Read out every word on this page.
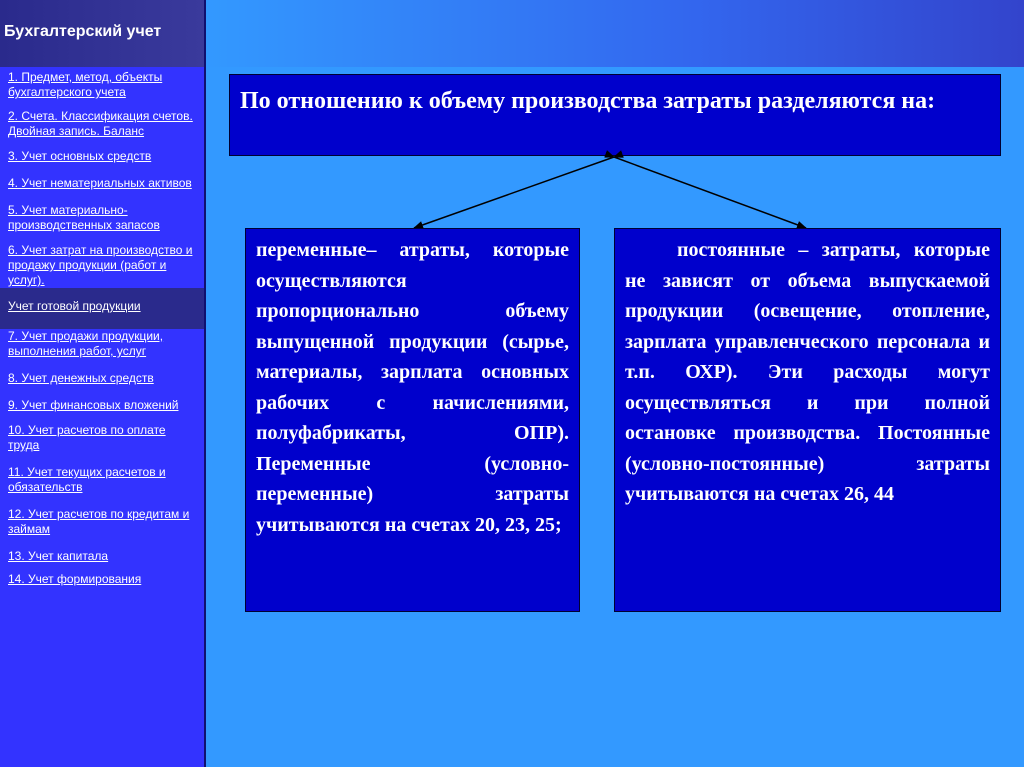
Бухгалтерский учет
1. Предмет, метод, объекты бухгалтерского учета
2. Счета. Классификация счетов. Двойная запись. Баланс
3. Учет основных средств
4. Учет нематериальных активов
5. Учет материально-производственных запасов
6. Учет затрат на производство и продажу продукции (работ и услуг).
Учет готовой продукции
7. Учет продажи продукции, выполнения работ, услуг
8. Учет денежных средств
9. Учет финансовых вложений
10. Учет расчетов по оплате труда
11. Учет текущих расчетов и обязательств
12. Учет расчетов по кредитам и займам
13. Учет капитала
14. Учет формирования
По отношению к объему производства затраты разделяются на:
переменные– атраты, которые осуществляются пропорционально объему выпущенной продукции (сырье, материалы, зарплата основных рабочих с начислениями, полуфабрикаты, ОПР). Переменные (условно-переменные) затраты учитываются на счетах 20, 23, 25;
постоянные – затраты, которые не зависят от объема выпускаемой продукции (освещение, отопление, зарплата управленческого персонала и т.п. ОХР). Эти расходы могут осуществляться и при полной остановке производства. Постоянные (условно-постоянные) затраты учитываются на счетах 26, 44
